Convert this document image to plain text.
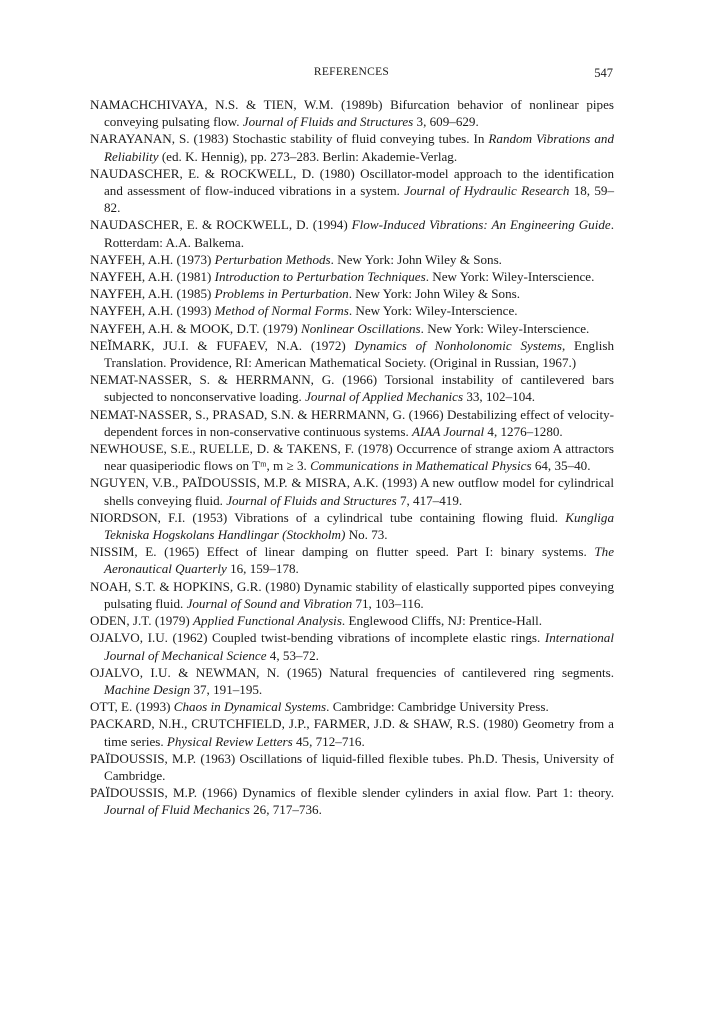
REFERENCES	547

NAMACHCHIVAYA, N.S. & TIEN, W.M. (1989b) Bifurcation behavior of nonlinear pipes conveying pulsating flow. Journal of Fluids and Structures 3, 609–629.

NARAYANAN, S. (1983) Stochastic stability of fluid conveying tubes. In Random Vibrations and Reliability (ed. K. Hennig), pp. 273–283. Berlin: Akademie-Verlag.

NAUDASCHER, E. & ROCKWELL, D. (1980) Oscillator-model approach to the identification and assessment of flow-induced vibrations in a system. Journal of Hydraulic Research 18, 59–82.

NAUDASCHER, E. & ROCKWELL, D. (1994) Flow-Induced Vibrations: An Engineering Guide. Rotterdam: A.A. Balkema.

NAYFEH, A.H. (1973) Perturbation Methods. New York: John Wiley & Sons.

NAYFEH, A.H. (1981) Introduction to Perturbation Techniques. New York: Wiley-Interscience.

NAYFEH, A.H. (1985) Problems in Perturbation. New York: John Wiley & Sons.

NAYFEH, A.H. (1993) Method of Normal Forms. New York: Wiley-Interscience.

NAYFEH, A.H. & MOOK, D.T. (1979) Nonlinear Oscillations. New York: Wiley-Interscience.

NEĬMARK, JU.I. & FUFAEV, N.A. (1972) Dynamics of Nonholonomic Systems, English Translation. Providence, RI: American Mathematical Society. (Original in Russian, 1967.)

NEMAT-NASSER, S. & HERRMANN, G. (1966) Torsional instability of cantilevered bars subjected to nonconservative loading. Journal of Applied Mechanics 33, 102–104.

NEMAT-NASSER, S., PRASAD, S.N. & HERRMANN, G. (1966) Destabilizing effect of velocity-dependent forces in non-conservative continuous systems. AIAA Journal 4, 1276–1280.

NEWHOUSE, S.E., RUELLE, D. & TAKENS, F. (1978) Occurrence of strange axiom A attractors near quasiperiodic flows on Tᵐ, m ≥ 3. Communications in Mathematical Physics 64, 35–40.

NGUYEN, V.B., PAÏDOUSSIS, M.P. & MISRA, A.K. (1993) A new outflow model for cylindrical shells conveying fluid. Journal of Fluids and Structures 7, 417–419.

NIORDSON, F.I. (1953) Vibrations of a cylindrical tube containing flowing fluid. Kungliga Tekniska Hogskolans Handlingar (Stockholm) No. 73.

NISSIM, E. (1965) Effect of linear damping on flutter speed. Part I: binary systems. The Aeronautical Quarterly 16, 159–178.

NOAH, S.T. & HOPKINS, G.R. (1980) Dynamic stability of elastically supported pipes conveying pulsating fluid. Journal of Sound and Vibration 71, 103–116.

ODEN, J.T. (1979) Applied Functional Analysis. Englewood Cliffs, NJ: Prentice-Hall.

OJALVO, I.U. (1962) Coupled twist-bending vibrations of incomplete elastic rings. International Journal of Mechanical Science 4, 53–72.

OJALVO, I.U. & NEWMAN, N. (1965) Natural frequencies of cantilevered ring segments. Machine Design 37, 191–195.

OTT, E. (1993) Chaos in Dynamical Systems. Cambridge: Cambridge University Press.

PACKARD, N.H., CRUTCHFIELD, J.P., FARMER, J.D. & SHAW, R.S. (1980) Geometry from a time series. Physical Review Letters 45, 712–716.

PAÏDOUSSIS, M.P. (1963) Oscillations of liquid-filled flexible tubes. Ph.D. Thesis, University of Cambridge.

PAÏDOUSSIS, M.P. (1966) Dynamics of flexible slender cylinders in axial flow. Part 1: theory. Journal of Fluid Mechanics 26, 717–736.
